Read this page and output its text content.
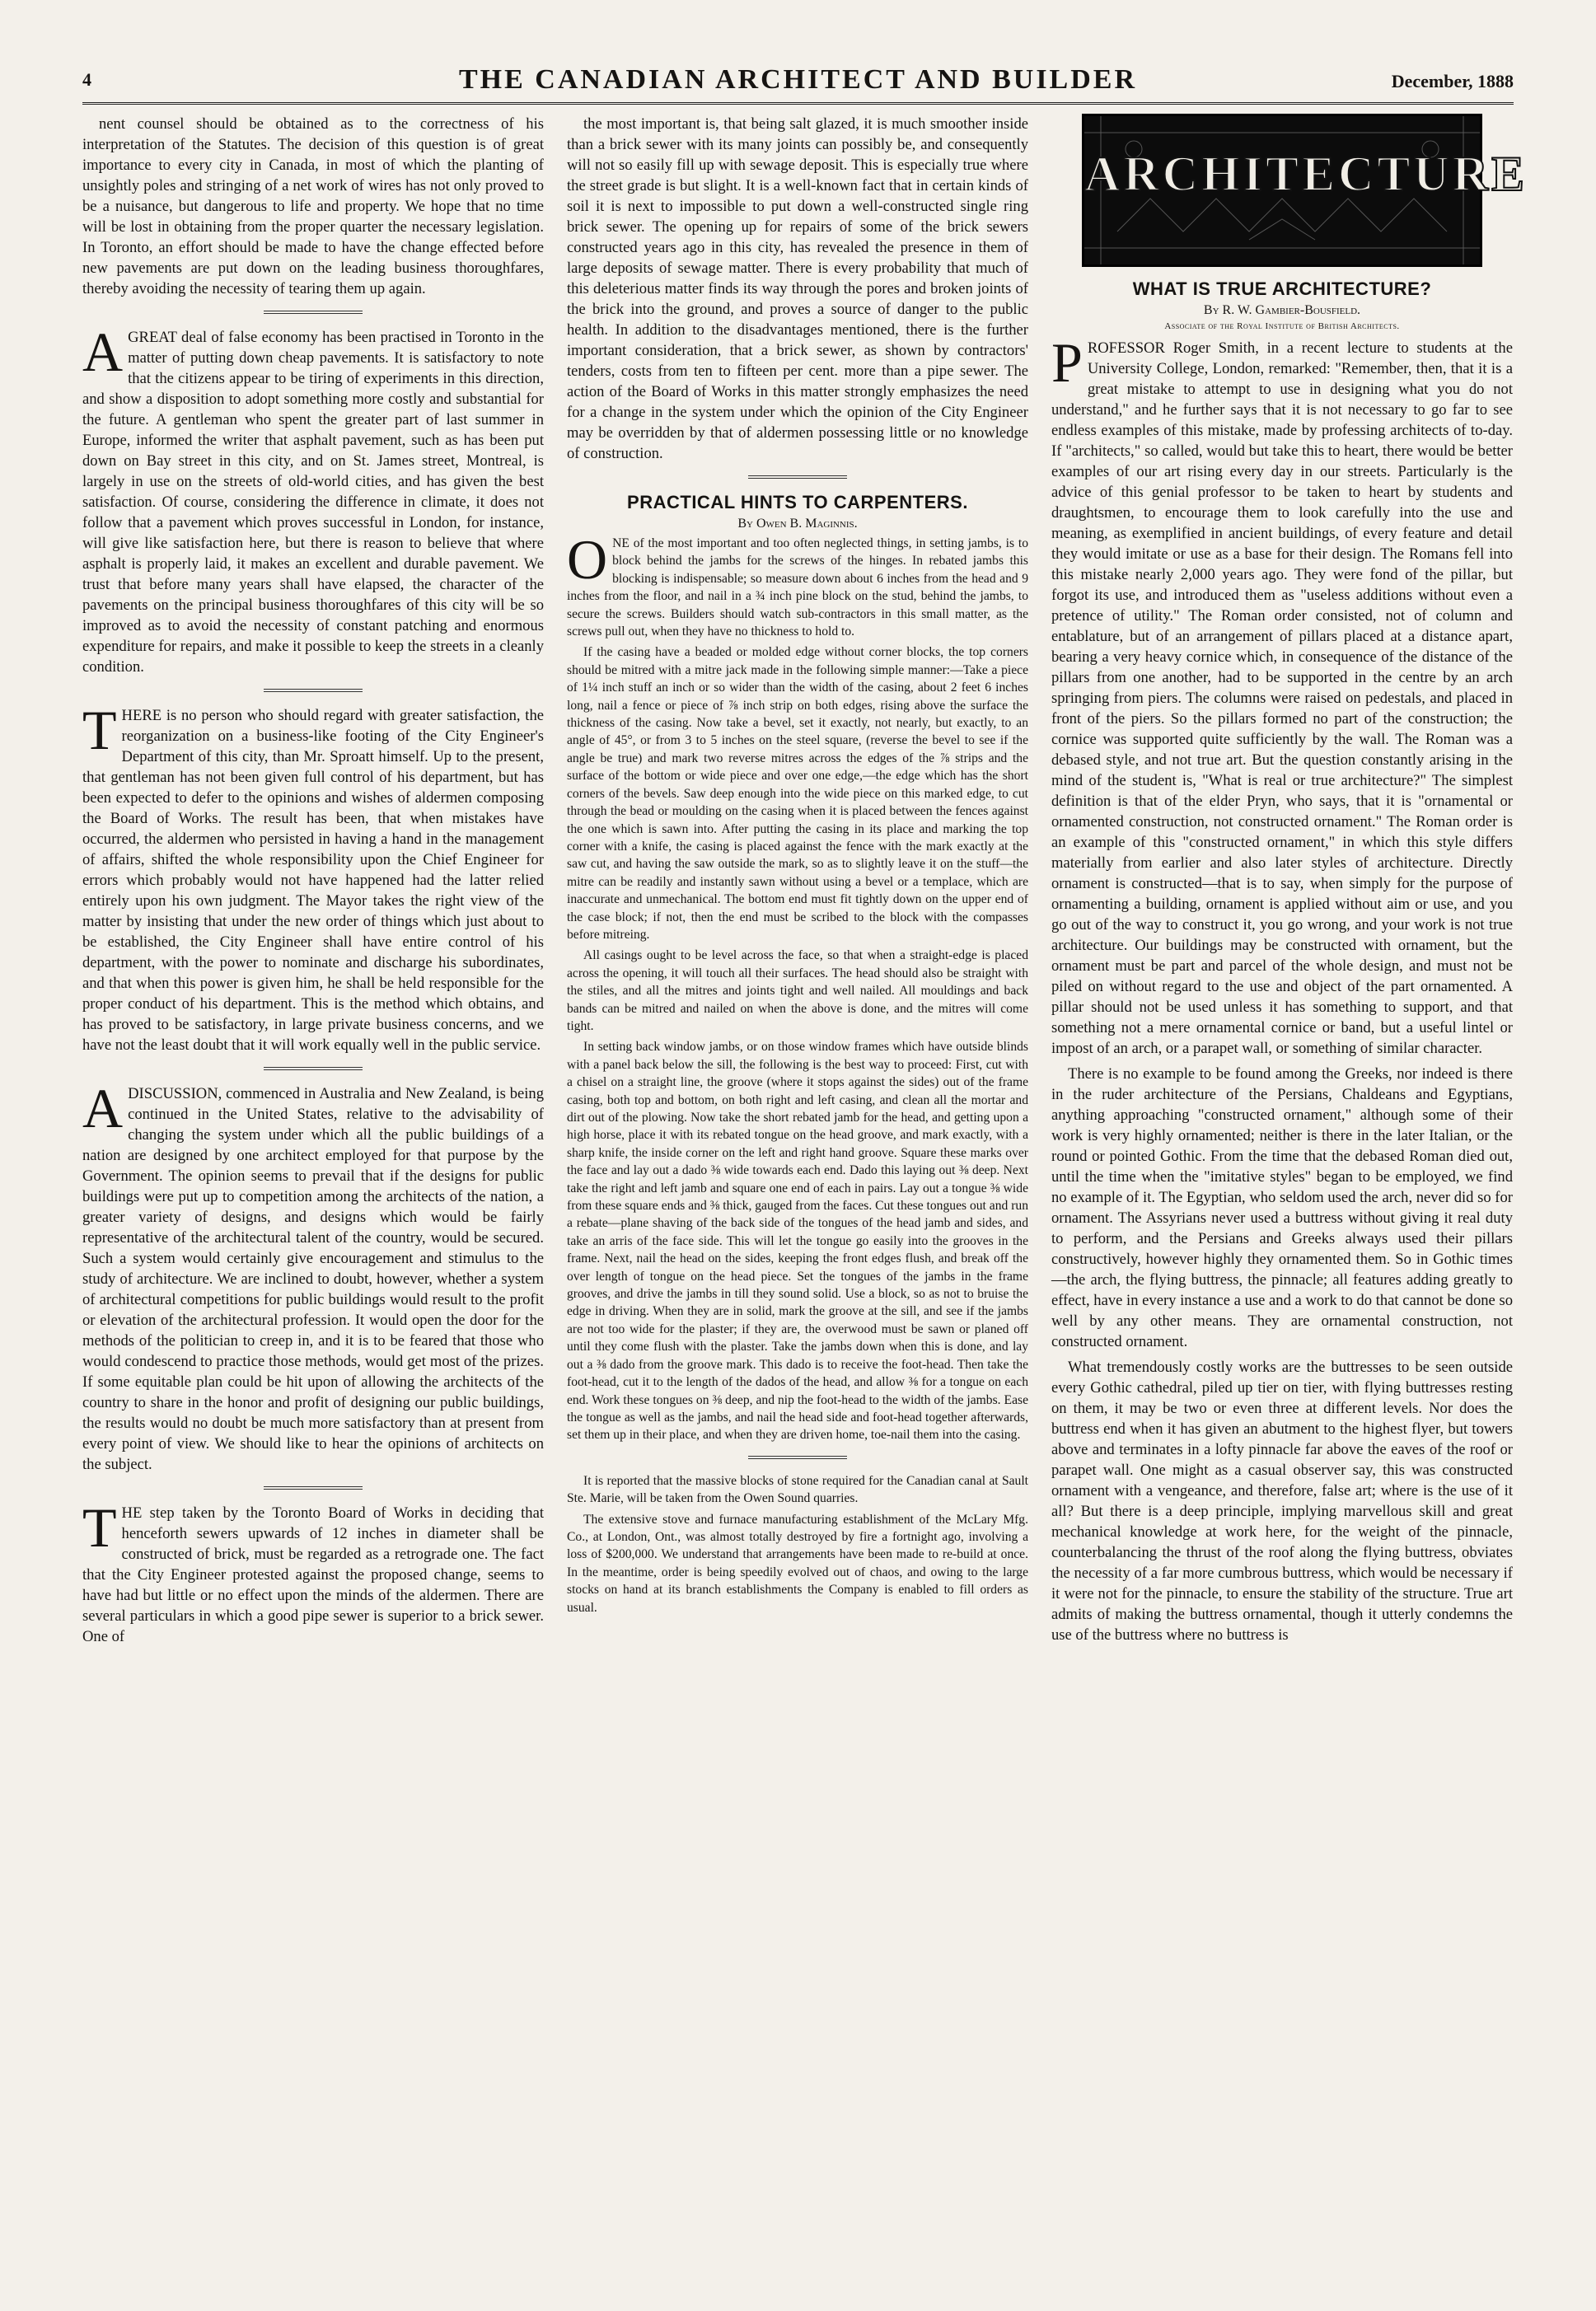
4	THE CANADIAN ARCHITECT AND BUILDER	December, 1888

nent counsel should be obtained as to the correctness of his interpretation of the Statutes. The decision of this question is of great importance to every city in Canada, in most of which the planting of unsightly poles and stringing of a net work of wires has not only proved to be a nuisance, but dangerous to life and property. We hope that no time will be lost in obtaining from the proper quarter the necessary legislation. In Toronto, an effort should be made to have the change effected before new pavements are put down on the leading business thoroughfares, thereby avoiding the necessity of tearing them up again.

AGREAT deal of false economy has been practised in Toronto in the matter of putting down cheap pavements. It is satisfactory to note that the citizens appear to be tiring of experiments in this direction, and show a disposition to adopt something more costly and substantial for the future. A gentleman who spent the greater part of last summer in Europe, informed the writer that asphalt pavement, such as has been put down on Bay street in this city, and on St. James street, Montreal, is largely in use on the streets of old-world cities, and has given the best satisfaction. Of course, considering the difference in climate, it does not follow that a pavement which proves successful in London, for instance, will give like satisfaction here, but there is reason to believe that where asphalt is properly laid, it makes an excellent and durable pavement. We trust that before many years shall have elapsed, the character of the pavements on the principal business thoroughfares of this city will be so improved as to avoid the necessity of constant patching and enormous expenditure for repairs, and make it possible to keep the streets in a cleanly condition.

THERE is no person who should regard with greater satisfaction, the reorganization on a business-like footing of the City Engineer's Department of this city, than Mr. Sproatt himself. Up to the present, that gentleman has not been given full control of his department, but has been expected to defer to the opinions and wishes of aldermen composing the Board of Works. The result has been, that when mistakes have occurred, the aldermen who persisted in having a hand in the management of affairs, shifted the whole responsibility upon the Chief Engineer for errors which probably would not have happened had the latter relied entirely upon his own judgment. The Mayor takes the right view of the matter by insisting that under the new order of things which just about to be established, the City Engineer shall have entire control of his department, with the power to nominate and discharge his subordinates, and that when this power is given him, he shall be held responsible for the proper conduct of his department. This is the method which obtains, and has proved to be satisfactory, in large private business concerns, and we have not the least doubt that it will work equally well in the public service.

ADISCUSSION, commenced in Australia and New Zealand, is being continued in the United States, relative to the advisability of changing the system under which all the public buildings of a nation are designed by one architect employed for that purpose by the Government. The opinion seems to prevail that if the designs for public buildings were put up to competition among the architects of the nation, a greater variety of designs, and designs which would be fairly representative of the architectural talent of the country, would be secured. Such a system would certainly give encouragement and stimulus to the study of architecture. We are inclined to doubt, however, whether a system of architectural competitions for public buildings would result to the profit or elevation of the architectural profession. It would open the door for the methods of the politician to creep in, and it is to be feared that those who would condescend to practice those methods, would get most of the prizes. If some equitable plan could be hit upon of allowing the architects of the country to share in the honor and profit of designing our public buildings, the results would no doubt be much more satisfactory than at present from every point of view. We should like to hear the opinions of architects on the subject.

THE step taken by the Toronto Board of Works in deciding that henceforth sewers upwards of 12 inches in diameter shall be constructed of brick, must be regarded as a retrograde one. The fact that the City Engineer protested against the proposed change, seems to have had but little or no effect upon the minds of the aldermen. There are several particulars in which a good pipe sewer is superior to a brick sewer. One of

the most important is, that being salt glazed, it is much smoother inside than a brick sewer with its many joints can possibly be, and consequently will not so easily fill up with sewage deposit. This is especially true where the street grade is but slight. It is a well-known fact that in certain kinds of soil it is next to impossible to put down a well-constructed single ring brick sewer. The opening up for repairs of some of the brick sewers constructed years ago in this city, has revealed the presence in them of large deposits of sewage matter. There is every probability that much of this deleterious matter finds its way through the pores and broken joints of the brick into the ground, and proves a source of danger to the public health. In addition to the disadvantages mentioned, there is the further important consideration, that a brick sewer, as shown by contractors' tenders, costs from ten to fifteen per cent. more than a pipe sewer. The action of the Board of Works in this matter strongly emphasizes the need for a change in the system under which the opinion of the City Engineer may be overridden by that of aldermen possessing little or no knowledge of construction.

PRACTICAL HINTS TO CARPENTERS.
By Owen B. Maginnis.

ONE of the most important and too often neglected things, in setting jambs, is to block behind the jambs for the screws of the hinges. In rebated jambs this blocking is indispensable; so measure down about 6 inches from the head and 9 inches from the floor, and nail in a ¾ inch pine block on the stud, behind the jambs, to secure the screws. Builders should watch sub-contractors in this small matter, as the screws pull out, when they have no thickness to hold to.

If the casing have a beaded or molded edge without corner blocks, the top corners should be mitred with a mitre jack made in the following simple manner:—Take a piece of 1¼ inch stuff an inch or so wider than the width of the casing, about 2 feet 6 inches long, nail a fence or piece of ⅞ inch strip on both edges, rising above the surface the thickness of the casing. Now take a bevel, set it exactly, not nearly, but exactly, to an angle of 45°, or from 3 to 5 inches on the steel square, (reverse the bevel to see if the angle be true) and mark two reverse mitres across the edges of the ⅞ strips and the surface of the bottom or wide piece and over one edge,—the edge which has the short corners of the bevels. Saw deep enough into the wide piece on this marked edge, to cut through the bead or moulding on the casing when it is placed between the fences against the one which is sawn into. After putting the casing in its place and marking the top corner with a knife, the casing is placed against the fence with the mark exactly at the saw cut, and having the saw outside the mark, so as to slightly leave it on the stuff—the mitre can be readily and instantly sawn without using a bevel or a templace, which are inaccurate and unmechanical. The bottom end must fit tightly down on the upper end of the case block; if not, then the end must be scribed to the block with the compasses before mitreing.

All casings ought to be level across the face, so that when a straight-edge is placed across the opening, it will touch all their surfaces. The head should also be straight with the stiles, and all the mitres and joints tight and well nailed. All mouldings and back bands can be mitred and nailed on when the above is done, and the mitres will come tight.

In setting back window jambs, or on those window frames which have outside blinds with a panel back below the sill, the following is the best way to proceed: First, cut with a chisel on a straight line, the groove (where it stops against the sides) out of the frame casing, both top and bottom, on both right and left casing, and clean all the mortar and dirt out of the plowing. Now take the short rebated jamb for the head, and getting upon a high horse, place it with its rebated tongue on the head groove, and mark exactly, with a sharp knife, the inside corner on the left and right hand groove. Square these marks over the face and lay out a dado ⅜ wide towards each end. Dado this laying out ⅜ deep. Next take the right and left jamb and square one end of each in pairs. Lay out a tongue ⅜ wide from these square ends and ⅜ thick, gauged from the faces. Cut these tongues out and run a rebate—plane shaving of the back side of the tongues of the head jamb and sides, and take an arris of the face side. This will let the tongue go easily into the grooves in the frame. Next, nail the head on the sides, keeping the front edges flush, and break off the over length of tongue on the head piece. Set the tongues of the jambs in the frame grooves, and drive the jambs in till they sound solid. Use a block, so as not to bruise the edge in driving. When they are in solid, mark the groove at the sill, and see if the jambs are not too wide for the plaster; if they are, the overwood must be sawn or planed off until they come flush with the plaster. Take the jambs down when this is done, and lay out a ⅜ dado from the groove mark. This dado is to receive the foot-head. Then take the foot-head, cut it to the length of the dados of the head, and allow ⅜ for a tongue on each end. Work these tongues on ⅜ deep, and nip the foot-head to the width of the jambs. Ease the tongue as well as the jambs, and nail the head side and foot-head together afterwards, set them up in their place, and when they are driven home, toe-nail them into the casing.

It is reported that the massive blocks of stone required for the Canadian canal at Sault Ste. Marie, will be taken from the Owen Sound quarries.

The extensive stove and furnace manufacturing establishment of the McLary Mfg. Co., at London, Ont., was almost totally destroyed by fire a fortnight ago, involving a loss of $200,000. We understand that arrangements have been made to re-build at once. In the meantime, order is being speedily evolved out of chaos, and owing to the large stocks on hand at its branch establishments the Company is enabled to fill orders as usual.

ARCHITECTURE
WHAT IS TRUE ARCHITECTURE?
By R. W. Gambier-Bousfield.
Associate of the Royal Institute of British Architects.

PROFESSOR Roger Smith, in a recent lecture to students at the University College, London, remarked: "Remember, then, that it is a great mistake to attempt to use in designing what you do not understand," and he further says that it is not necessary to go far to see endless examples of this mistake, made by professing architects of to-day. If "architects," so called, would but take this to heart, there would be better examples of our art rising every day in our streets. Particularly is the advice of this genial professor to be taken to heart by students and draughtsmen, to encourage them to look carefully into the use and meaning, as exemplified in ancient buildings, of every feature and detail they would imitate or use as a base for their design. The Romans fell into this mistake nearly 2,000 years ago. They were fond of the pillar, but forgot its use, and introduced them as "useless additions without even a pretence of utility." The Roman order consisted, not of column and entablature, but of an arrangement of pillars placed at a distance apart, bearing a very heavy cornice which, in consequence of the distance of the pillars from one another, had to be supported in the centre by an arch springing from piers. The columns were raised on pedestals, and placed in front of the piers. So the pillars formed no part of the construction; the cornice was supported quite sufficiently by the wall. The Roman was a debased style, and not true art. But the question constantly arising in the mind of the student is, "What is real or true architecture?" The simplest definition is that of the elder Pryn, who says, that it is "ornamental or ornamented construction, not constructed ornament." The Roman order is an example of this "constructed ornament," in which this style differs materially from earlier and also later styles of architecture. Directly ornament is constructed—that is to say, when simply for the purpose of ornamenting a building, ornament is applied without aim or use, and you go out of the way to construct it, you go wrong, and your work is not true architecture. Our buildings may be constructed with ornament, but the ornament must be part and parcel of the whole design, and must not be piled on without regard to the use and object of the part ornamented. A pillar should not be used unless it has something to support, and that something not a mere ornamental cornice or band, but a useful lintel or impost of an arch, or a parapet wall, or something of similar character.

There is no example to be found among the Greeks, nor indeed is there in the ruder architecture of the Persians, Chaldeans and Egyptians, anything approaching "constructed ornament," although some of their work is very highly ornamented; neither is there in the later Italian, or the round or pointed Gothic. From the time that the debased Roman died out, until the time when the "imitative styles" began to be employed, we find no example of it. The Egyptian, who seldom used the arch, never did so for ornament. The Assyrians never used a buttress without giving it real duty to perform, and the Persians and Greeks always used their pillars constructively, however highly they ornamented them. So in Gothic times—the arch, the flying buttress, the pinnacle; all features adding greatly to effect, have in every instance a use and a work to do that cannot be done so well by any other means. They are ornamental construction, not constructed ornament.

What tremendously costly works are the buttresses to be seen outside every Gothic cathedral, piled up tier on tier, with flying buttresses resting on them, it may be two or even three at different levels. Nor does the buttress end when it has given an abutment to the highest flyer, but towers above and terminates in a lofty pinnacle far above the eaves of the roof or parapet wall. One might as a casual observer say, this was constructed ornament with a vengeance, and therefore, false art; where is the use of it all? But there is a deep principle, implying marvellous skill and great mechanical knowledge at work here, for the weight of the pinnacle, counterbalancing the thrust of the roof along the flying buttress, obviates the necessity of a far more cumbrous buttress, which would be necessary if it were not for the pinnacle, to ensure the stability of the structure. True art admits of making the buttress ornamental, though it utterly condemns the use of the buttress where no buttress is
